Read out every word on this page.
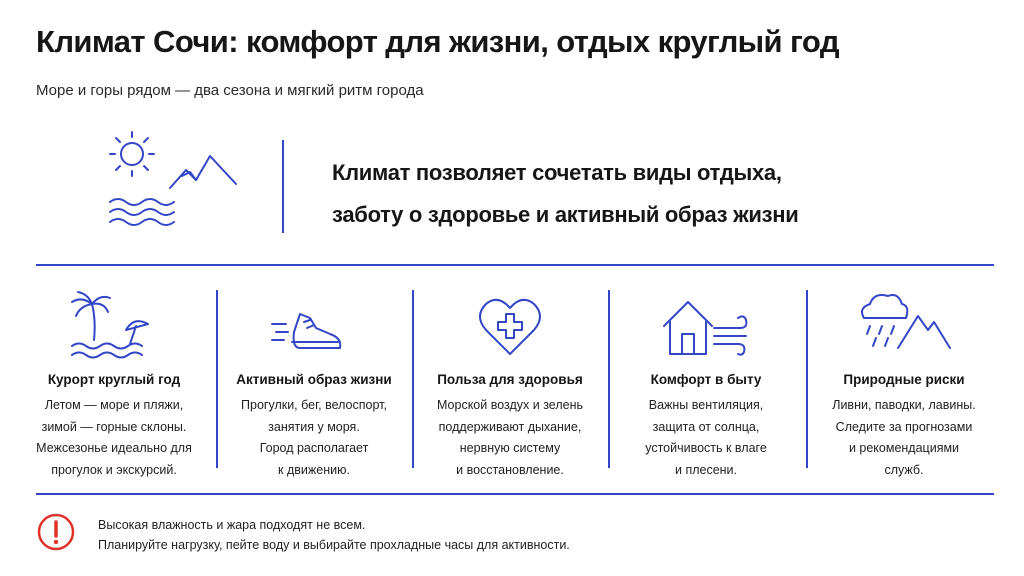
Климат Сочи: комфорт для жизни, отдых круглый год
Море и горы рядом — два сезона и мягкий ритм города
Климат позволяет сочетать виды отдыха,
заботу о здоровье и активный образ жизни
Курорт круглый год
Летом — море и пляжи,
зимой — горные склоны.
Межсезонье идеально для
прогулок и экскурсий.
Активный образ жизни
Прогулки, бег, велоспорт,
занятия у моря.
Город располагает
к движению.
Польза для здоровья
Морской воздух и зелень
поддерживают дыхание,
нервную систему
и восстановление.
Комфорт в быту
Важны вентиляция,
защита от солнца,
устойчивость к влаге
и плесени.
Природные риски
Ливни, паводки, лавины.
Следите за прогнозами
и рекомендациями
служб.
Высокая влажность и жара подходят не всем.
Планируйте нагрузку, пейте воду и выбирайте прохладные часы для активности.
